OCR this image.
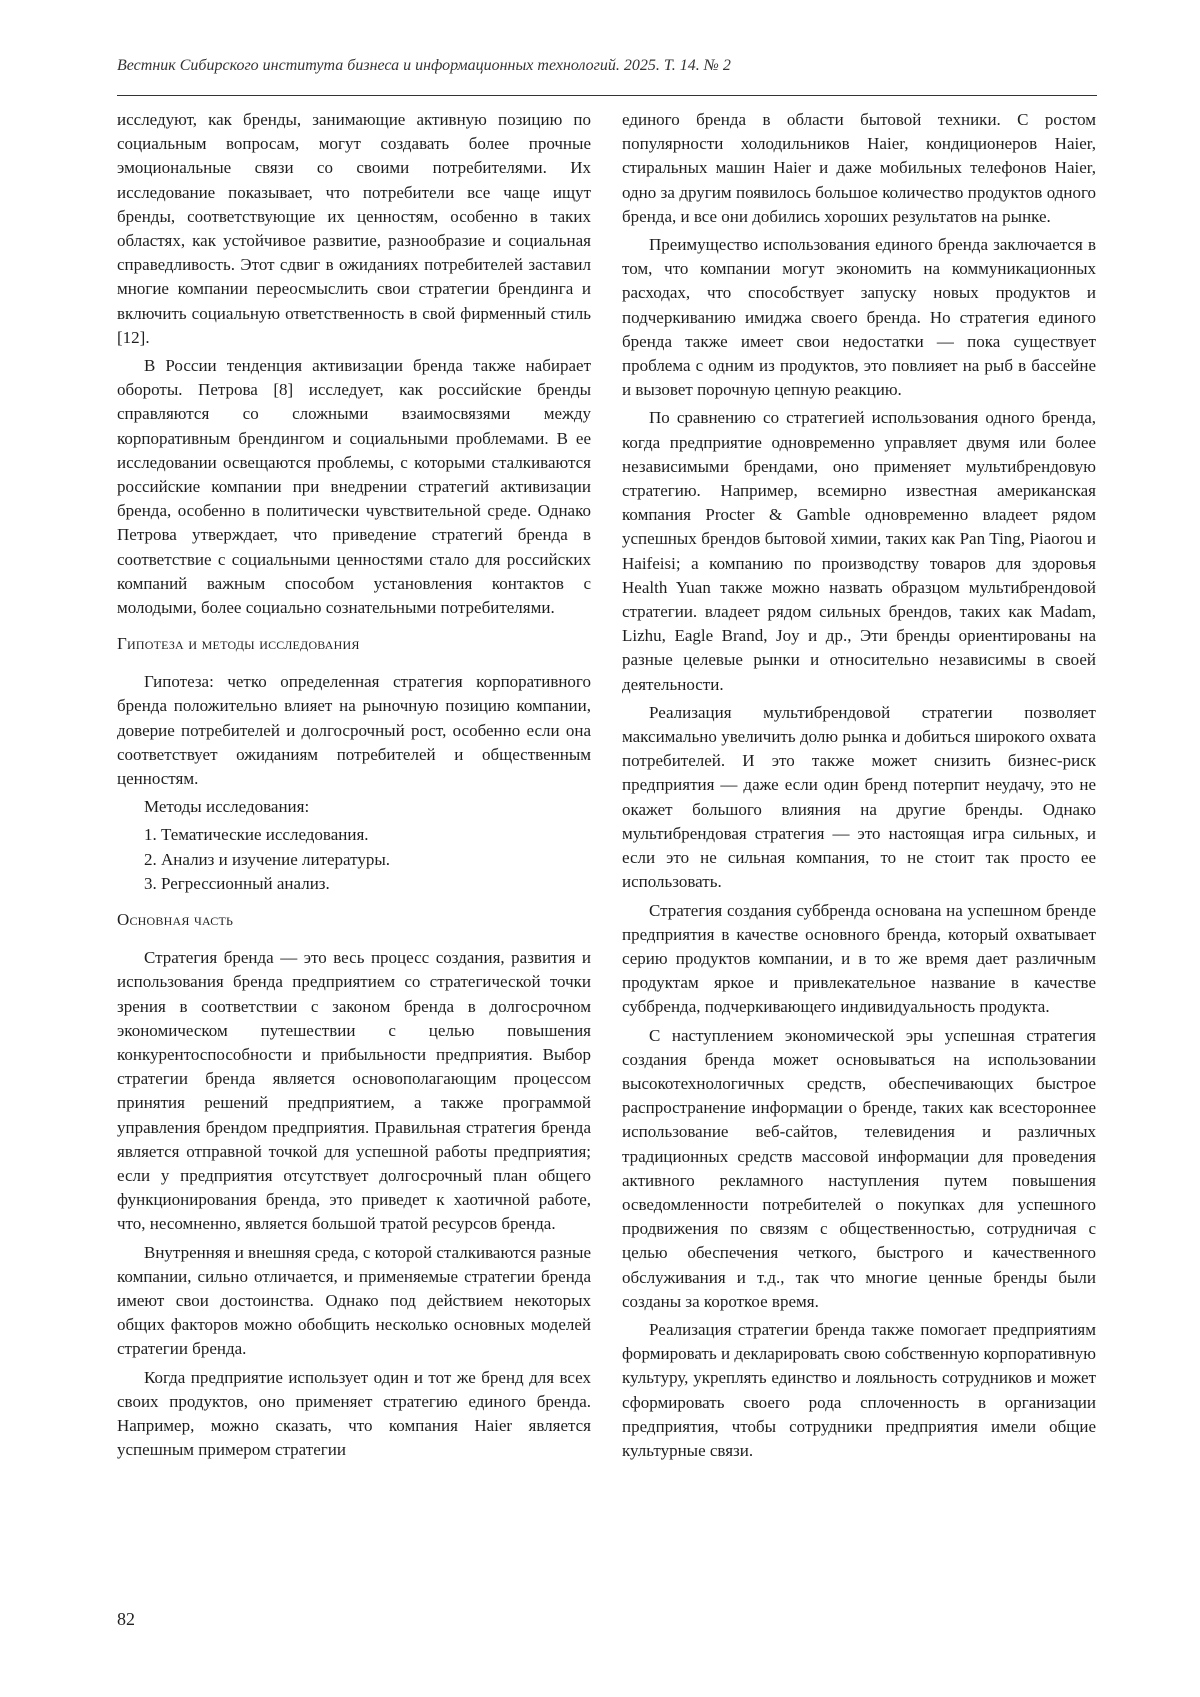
Вестник Сибирского института бизнеса и информационных технологий. 2025. Т. 14. № 2

исследуют, как бренды, занимающие активную позицию по социальным вопросам, могут создавать более прочные эмоциональные связи со своими потребителями. Их исследование показывает, что потребители все чаще ищут бренды, соответствующие их ценностям, особенно в таких областях, как устойчивое развитие, разнообразие и социальная справедливость. Этот сдвиг в ожиданиях потребителей заставил многие компании переосмыслить свои стратегии брендинга и включить социальную ответственность в свой фирменный стиль [12].

В России тенденция активизации бренда также набирает обороты. Петрова [8] исследует, как российские бренды справляются со сложными взаимосвязями между корпоративным брендингом и социальными проблемами. В ее исследовании освещаются проблемы, с которыми сталкиваются российские компании при внедрении стратегий активизации бренда, особенно в политически чувствительной среде. Однако Петрова утверждает, что приведение стратегий бренда в соответствие с социальными ценностями стало для российских компаний важным способом установления контактов с молодыми, более социально сознательными потребителями.

Гипотеза и методы исследования

Гипотеза: четко определенная стратегия корпоративного бренда положительно влияет на рыночную позицию компании, доверие потребителей и долгосрочный рост, особенно если она соответствует ожиданиям потребителей и общественным ценностям.

Методы исследования:

1. Тематические исследования.
2. Анализ и изучение литературы.
3. Регрессионный анализ.
Основная часть

Стратегия бренда — это весь процесс создания, развития и использования бренда предприятием со стратегической точки зрения в соответствии с законом бренда в долгосрочном экономическом путешествии с целью повышения конкурентоспособности и прибыльности предприятия. Выбор стратегии бренда является основополагающим процессом принятия решений предприятием, а также программой управления брендом предприятия. Правильная стратегия бренда является отправной точкой для успешной работы предприятия; если у предприятия отсутствует долгосрочный план общего функционирования бренда, это приведет к хаотичной работе, что, несомненно, является большой тратой ресурсов бренда.

Внутренняя и внешняя среда, с которой сталкиваются разные компании, сильно отличается, и применяемые стратегии бренда имеют свои достоинства. Однако под действием некоторых общих факторов можно обобщить несколько основных моделей стратегии бренда.

Когда предприятие использует один и тот же бренд для всех своих продуктов, оно применяет стратегию единого бренда. Например, можно сказать, что компания Haier является успешным примером стратегии

единого бренда в области бытовой техники. С ростом популярности холодильников Haier, кондиционеров Haier, стиральных машин Haier и даже мобильных телефонов Haier, одно за другим появилось большое количество продуктов одного бренда, и все они добились хороших результатов на рынке.

Преимущество использования единого бренда заключается в том, что компании могут экономить на коммуникационных расходах, что способствует запуску новых продуктов и подчеркиванию имиджа своего бренда. Но стратегия единого бренда также имеет свои недостатки — пока существует проблема с одним из продуктов, это повлияет на рыб в бассейне и вызовет порочную цепную реакцию.

По сравнению со стратегией использования одного бренда, когда предприятие одновременно управляет двумя или более независимыми брендами, оно применяет мультибрендовую стратегию. Например, всемирно известная американская компания Procter & Gamble одновременно владеет рядом успешных брендов бытовой химии, таких как Pan Ting, Piaorou и Haifeisi; а компанию по производству товаров для здоровья Health Yuan также можно назвать образцом мультибрендовой стратегии. владеет рядом сильных брендов, таких как Madam, Lizhu, Eagle Brand, Joy и др., Эти бренды ориентированы на разные целевые рынки и относительно независимы в своей деятельности.

Реализация мультибрендовой стратегии позволяет максимально увеличить долю рынка и добиться широкого охвата потребителей. И это также может снизить бизнес-риск предприятия — даже если один бренд потерпит неудачу, это не окажет большого влияния на другие бренды. Однако мультибрендовая стратегия — это настоящая игра сильных, и если это не сильная компания, то не стоит так просто ее использовать.

Стратегия создания суббренда основана на успешном бренде предприятия в качестве основного бренда, который охватывает серию продуктов компании, и в то же время дает различным продуктам яркое и привлекательное название в качестве суббренда, подчеркивающего индивидуальность продукта.

С наступлением экономической эры успешная стратегия создания бренда может основываться на использовании высокотехнологичных средств, обеспечивающих быстрое распространение информации о бренде, таких как всестороннее использование веб-сайтов, телевидения и различных традиционных средств массовой информации для проведения активного рекламного наступления путем повышения осведомленности потребителей о покупках для успешного продвижения по связям с общественностью, сотрудничая с целью обеспечения четкого, быстрого и качественного обслуживания и т.д., так что многие ценные бренды были созданы за короткое время.

Реализация стратегии бренда также помогает предприятиям формировать и декларировать свою собственную корпоративную культуру, укреплять единство и лояльность сотрудников и может сформировать своего рода сплоченность в организации предприятия, чтобы сотрудники предприятия имели общие культурные связи.

82
